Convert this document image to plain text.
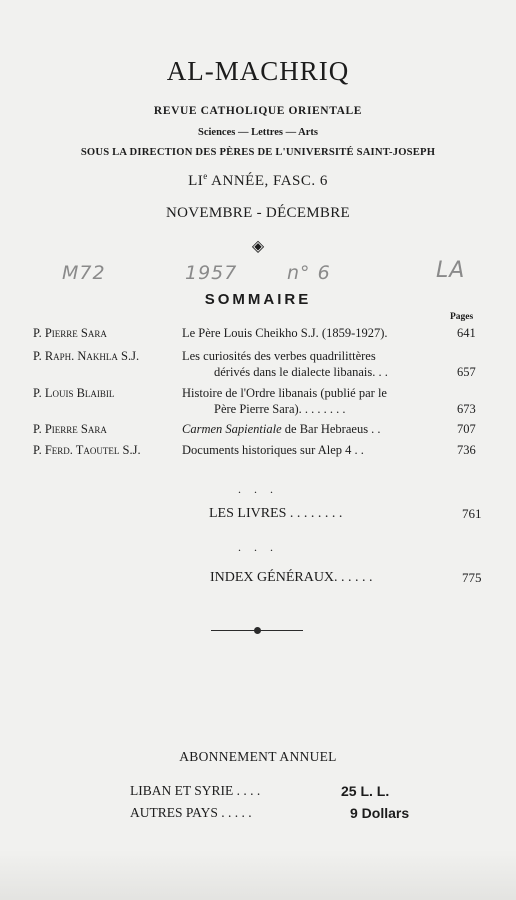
AL-MACHRIQ
REVUE CATHOLIQUE ORIENTALE
Sciences — Lettres — Arts
SOUS LA DIRECTION DES PÈRES DE L'UNIVERSITÉ SAINT-JOSEPH
LIe ANNÉE, FASC. 6
NOVEMBRE - DÉCEMBRE
◈
M72	1957	n° 6	LA
SOMMAIRE
Pages
P. Pierre Sara	Le Père Louis Cheikho S.J. (1859-1927).	641
P. Raph. Nakhla S.J.	Les curiosités des verbes quadrilittères
dérivés dans le dialecte libanais. . .	657
P. Louis Blaibil	Histoire de l'Ordre libanais (publié par le
Père Pierre Sara). . . . . . . .	673
P. Pierre Sara	Carmen Sapientiale de Bar Hebraeus . .	707
P. Ferd. Taoutel S.J.	Documents historiques sur Alep 4 . .	736
. . .
LES LIVRES . . . . . . . .	761
. . .
INDEX GÉNÉRAUX. . . . . .	775
ABONNEMENT ANNUEL
LIBAN ET SYRIE . . . .	25 L. L.
AUTRES PAYS . . . . .	9 Dollars
